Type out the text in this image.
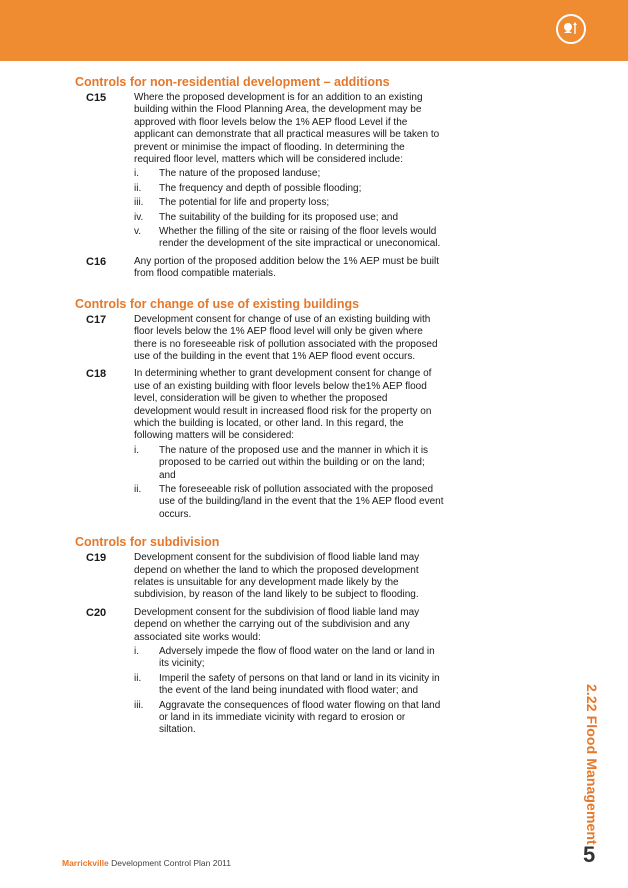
Controls for non-residential development – additions
C15	Where the proposed development is for an addition to an existing building within the Flood Planning Area, the development may be approved with floor levels below the 1% AEP flood Level if the applicant can demonstrate that all practical measures will be taken to prevent or minimise the impact of flooding. In determining the required floor level, matters which will be considered include:

i. The nature of the proposed landuse;
ii. The frequency and depth of possible flooding;
iii. The potential for life and property loss;
iv. The suitability of the building for its proposed use; and
v. Whether the filling of the site or raising of the floor levels would render the development of the site impractical or uneconomical.
C16	Any portion of the proposed addition below the 1% AEP must be built from flood compatible materials.

Controls for change of use of existing buildings
C17	Development consent for change of use of an existing building with floor levels below the 1% AEP flood level will only be given where there is no foreseeable risk of pollution associated with the proposed use of the building in the event that 1% AEP flood event occurs.

C18	In determining whether to grant development consent for change of use of an existing building with floor levels below the1% AEP flood level, consideration will be given to whether the proposed development would result in increased flood risk for the property on which the building is located, or other land. In this regard, the following matters will be considered:

i. The nature of the proposed use and the manner in which it is proposed to be carried out within the building or on the land; and
ii. The foreseeable risk of pollution associated with the proposed use of the building/land in the event that the 1% AEP flood event occurs.
Controls for subdivision
C19	Development consent for the subdivision of flood liable land may depend on whether the land to which the proposed development relates is unsuitable for any development made likely by the subdivision, by reason of the land likely to be subject to flooding.

C20	Development consent for the subdivision of flood liable land may depend on whether the carrying out of the subdivision and any associated site works would:

i. Adversely impede the flow of flood water on the land or land in its vicinity;
ii. Imperil the safety of persons on that land or land in its vicinity in the event of the land being inundated with flood water; and
iii. Aggravate the consequences of flood water flowing on that land or land in its immediate vicinity with regard to erosion or siltation.	2.22 Flood Management
Marrickville Development Control Plan 2011	5
